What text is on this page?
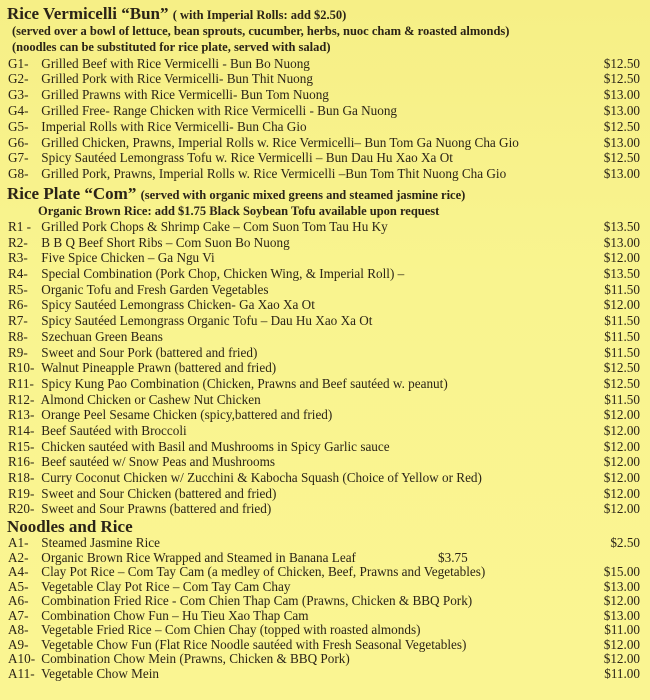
Rice Vermicelli “Bun” ( with Imperial Rolls: add $2.50)
(served over a bowl of lettuce, bean sprouts, cucumber, herbs, nuoc cham & roasted almonds)
(noodles can be substituted for rice plate, served with salad)
G1- Grilled Beef with Rice Vermicelli - Bun Bo Nuong	$12.50
G2- Grilled Pork with Rice Vermicelli- Bun Thit Nuong	$12.50
G3- Grilled Prawns with Rice Vermicelli- Bun Tom Nuong	$13.00
G4- Grilled Free- Range Chicken with Rice Vermicelli - Bun Ga Nuong	$13.00
G5- Imperial Rolls with Rice Vermicelli- Bun Cha Gio	$12.50
G6- Grilled Chicken, Prawns, Imperial Rolls w. Rice Vermicelli– Bun Tom Ga Nuong Cha Gio	$13.00
G7- Spicy Sautéed Lemongrass Tofu w. Rice Vermicelli – Bun Dau Hu Xao Xa Ot	$12.50
G8- Grilled Pork, Prawns, Imperial Rolls w. Rice Vermicelli –Bun Tom Thit Nuong Cha Gio	$13.00
Rice Plate “Com” (served with organic mixed greens and steamed jasmine rice)
Organic Brown Rice: add $1.75 Black Soybean Tofu available upon request
R1 - Grilled Pork Chops & Shrimp Cake – Com Suon Tom Tau Hu Ky	$13.50
R2- B B Q Beef Short Ribs – Com Suon Bo Nuong	$13.00
R3- Five Spice Chicken – Ga Ngu Vi	$12.00
R4- Special Combination (Pork Chop, Chicken Wing, & Imperial Roll) –	$13.50
R5- Organic Tofu and Fresh Garden Vegetables	$11.50
R6- Spicy Sautéed Lemongrass Chicken- Ga Xao Xa Ot	$12.00
R7- Spicy Sautéed Lemongrass Organic Tofu – Dau Hu Xao Xa Ot	$11.50
R8- Szechuan Green Beans	$11.50
R9- Sweet and Sour Pork (battered and fried)	$11.50
R10- Walnut Pineapple Prawn (battered and fried)	$12.50
R11- Spicy Kung Pao Combination (Chicken, Prawns and Beef sautéed w. peanut)	$12.50
R12- Almond Chicken or Cashew Nut Chicken	$11.50
R13- Orange Peel Sesame Chicken (spicy,battered and fried)	$12.00
R14- Beef Sautéed with Broccoli	$12.00
R15- Chicken sautéed with Basil and Mushrooms in Spicy Garlic sauce	$12.00
R16- Beef sautéed w/ Snow Peas and Mushrooms	$12.00
R18- Curry Coconut Chicken w/ Zucchini & Kabocha Squash (Choice of Yellow or Red)	$12.00
R19- Sweet and Sour Chicken (battered and fried)	$12.00
R20- Sweet and Sour Prawns (battered and fried)	$12.00
Noodles and Rice
A1- Steamed Jasmine Rice	$2.50
A2- Organic Brown Rice Wrapped and Steamed in Banana Leaf	$3.75
A4- Clay Pot Rice – Com Tay Cam (a medley of Chicken, Beef, Prawns and Vegetables)	$15.00
A5- Vegetable Clay Pot Rice – Com Tay Cam Chay	$13.00
A6- Combination Fried Rice - Com Chien Thap Cam (Prawns, Chicken & BBQ Pork)	$12.00
A7- Combination Chow Fun – Hu Tieu Xao Thap Cam	$13.00
A8- Vegetable Fried Rice – Com Chien Chay (topped with roasted almonds)	$11.00
A9- Vegetable Chow Fun (Flat Rice Noodle sautéed with Fresh Seasonal Vegetables)	$12.00
A10- Combination Chow Mein (Prawns, Chicken & BBQ Pork)	$12.00
A11- Vegetable Chow Mein	$11.00
